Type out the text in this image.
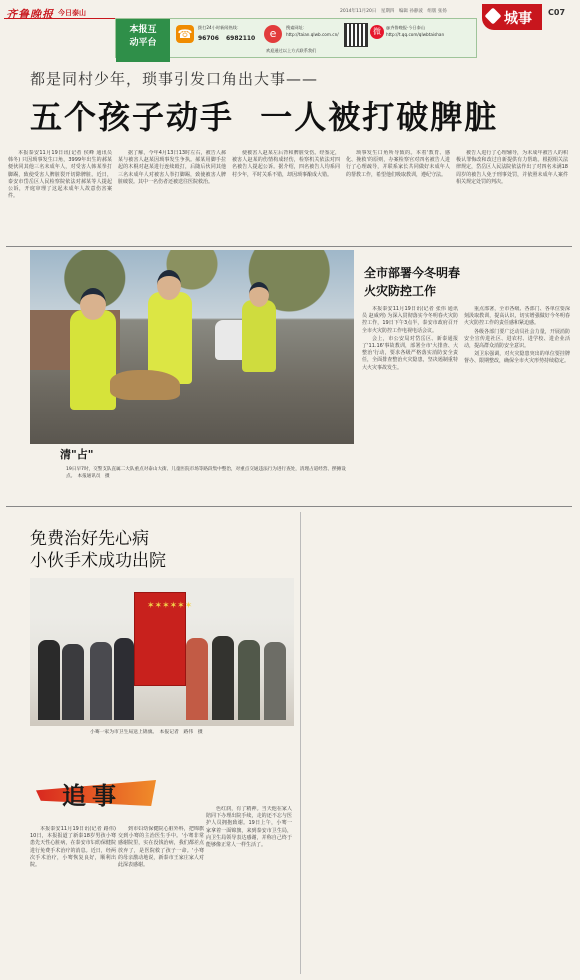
齐鲁晚报 今日泰山	2014年11月20日　星期四　编辑 孙静波　组版 张扬
本报互
动平台
☎	拨打24小时新闻热线：
96706 6982110	e	搜索网址：
http://taian.qlwb.com.cn/	微	@齐鲁晚报·今日泰山
http://t.qq.com/qlwbtaishan
欢迎通过以上方式联系我们
城事 C07
都是同村少年，琐事引发口角出大事——
五个孩子动手  一人被打破脾脏

本报泰安11月19日讯(记者 侯峰 通讯员 韩冬) 只因琐事发生口角，3999年出生的郝某便伙同其他三名未成年人，对受害人韩某拳打脚踢，致使受害人脾脏裂开切除脾脏。近日，泰安市岱岳区人民检察院依法对郝某等人提起公诉，开庭审理了这起未成年人故意伤害案件。

据了解，今年4月13日13时左右，被告人郝某与被害人赵某因琐事发生争执。郝某用脚手拉起的木棍对赵某进行连续殴打，后随后伙同其他三名未成年人对被害人拳打脚踢，致使被害人脾脏破裂。其中一名伤者还被送往医院救治。

使被害人赵某左后背和脾脏受伤。经鉴定，被害人赵某的伤情构成轻伤，检察机关依法对四名被告人提起公诉。据介绍，四名被告人均系同村少年，平时关系不错，却因琐事酿成大错。

琐事发生口角所导致的。本着'教育、感化、挽救'的原则，办案检察官对四名被告人进行了心理疏导，并联系家长共同做好未成年人的帮教工作，希望他们吸取教训，遵纪守法。

被告人进行了心理辅导，为未成年被告人的积极认罪悔改和改过自新提供有力帮助。根据相关法律规定，岱岳区人民法院依法作出了对四名未满18周岁的被告人免于刑事处罚，并依照未成年人案件相关规定处罚的判决。

清"占"
19日早7时，交警支队直属二大队重点对泰山大街、儿童医院市场等路段集中整治，对重点交通违法行为进行查处，清理占道经营、摆摊设点。　本报通讯员　摄
全市部署今冬明春
火灾防控工作

本报泰安11月19日讯(记者 张伟 通讯员 赵威列) 为深入贯彻落实今冬明春火灾防控工作，19日下午3点半，泰安市政府召开全市火灾防控工作电视电话会议。

会上，市公安局对岱岳区、新泰通报了'11.16'事故教训，部署全市'大排查、大整治'行动，要求各级严格落实消防安全责任，全面排查整治火灾隐患，坚决遏制重特大火灾事故发生。

重点部署，全市各级、各部门、各单位要深刻汲取教训，提高认识，切实增强做好今冬明春火灾防控工作的责任感和紧迫感。

各级各部门要广泛动员社会力量，开展消防安全宣传进社区、进农村、进学校、进企业活动，提高群众消防安全意识。

刘卫东强调，对火灾隐患突出的单位要挂牌督办、限期整改，确保全市火灾形势持续稳定。

免费治好先心病
小伙手术成功出院
✶✶✶✶✶✶
小骞一家为市卫生局送上锦旗。　本报记者　路伟　摄
追事

本报泰安11月19日讯(记者 路伟) 10日，本报报道了新泰18岁男孩小骞患先天性心脏病，在泰安市妇幼保健院进行免费手术治疗的消息。近日，经两次手术治疗，小骞恢复良好，顺利出院。

到市妇幼保健院心脏外科，把锦旗交到小骞的主治医生手中。'小骞非常感谢院里，实在没钱治病，我们都差点放弃了，是医院救了孩子一命。'小骞的母亲激动地说，新泰市王家庄家人对此深表感谢。

色红润，有了精神。当天他在家人陪同下办理出院手续，走的还不忘与医护人员拥抱致谢。19日上午，小骞一家拿着一面锦旗，来到泰安市卫生局，向卫生局领导表达感谢，并称自己终于能够像正常人一样生活了。
